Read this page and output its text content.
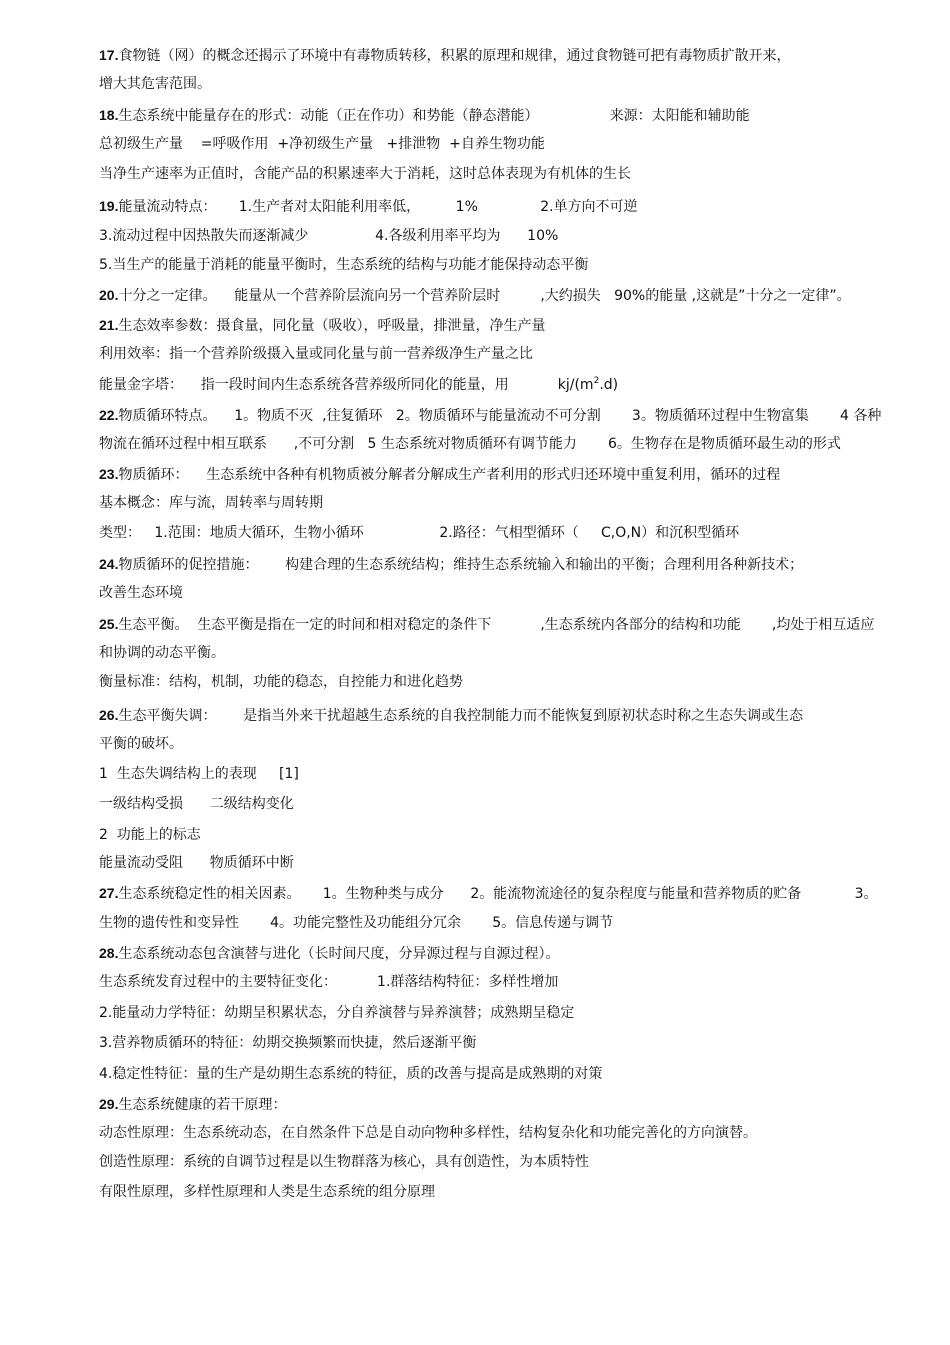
17.食物链（网）的概念还揭示了环境中有毒物质转移，积累的原理和规律，通过食物链可把有毒物质扩散开来，
增大其危害范围。
18.生态系统中能量存在的形式：动能（正在作功）和势能（静态潜能）                来源：太阳能和辅助能
总初级生产量    =呼吸作用  +净初级生产量   +排泄物  +自养生物功能
当净生产速率为正值时，含能产品的积累速率大于消耗，这时总体表现为有机体的生长
19.能量流动特点：     1.生产者对太阳能利用率低，        1%              2.单方向不可逆
3.流动过程中因热散失而逐渐减少               4.各级利用率平均为      10%
5.当生产的能量于消耗的能量平衡时，生态系统的结构与功能才能保持动态平衡
20.十分之一定律。    能量从一个营养阶层流向另一个营养阶层时         ,大约损失   90%的能量 ,这就是”十分之一定律”。
21.生态效率参数：摄食量，同化量（吸收），呼吸量，排泄量，净生产量
利用效率：指一个营养阶级摄入量或同化量与前一营养级净生产量之比
能量金字塔：    指一段时间内生态系统各营养级所同化的能量，用           $kj/(m^2.d)$
22.物质循环特点。    1。物质不灭  ,往复循环   2。物质循环与能量流动不可分割       3。物质循环过程中生物富集       4 各种
物流在循环过程中相互联系      ,不可分割   5 生态系统对物质循环有调节能力       6。生物存在是物质循环最生动的形式
23.物质循环：    生态系统中各种有机物质被分解者分解成生产者利用的形式归还环境中重复利用，循环的过程
基本概念：库与流，周转率与周转期
类型：   1.范围：地质大循环，生物小循环                 2.路径：气相型循环（     C,O,N）和沉积型循环
24.物质循环的促控措施：      构建合理的生态系统结构；维持生态系统输入和输出的平衡；合理利用各种新技术；
改善生态环境
25.生态平衡。  生态平衡是指在一定的时间和相对稳定的条件下           ,生态系统内各部分的结构和功能       ,均处于相互适应
和协调的动态平衡。
衡量标准：结构，机制，功能的稳态，自控能力和进化趋势
26.生态平衡失调：      是指当外来干扰超越生态系统的自我控制能力而不能恢复到原初状态时称之生态失调或生态
平衡的破坏。
1  生态失调结构上的表现     [1]
一级结构受损      二级结构变化
2  功能上的标志
能量流动受阻      物质循环中断
27.生态系统稳定性的相关因素。     1。生物种类与成分      2。能流物流途径的复杂程度与能量和营养物质的贮备            3。
生物的遗传性和变异性       4。功能完整性及功能组分冗余       5。信息传递与调节
28.生态系统动态包含演替与进化（长时间尺度，分异源过程与自源过程）。
生态系统发育过程中的主要特征变化：         1.群落结构特征：多样性增加
2.能量动力学特征：幼期呈积累状态，分自养演替与异养演替；成熟期呈稳定
3.营养物质循环的特征：幼期交换频繁而快捷，然后逐渐平衡
4.稳定性特征：量的生产是幼期生态系统的特征，质的改善与提高是成熟期的对策
29.生态系统健康的若干原理：
动态性原理：生态系统动态，在自然条件下总是自动向物种多样性，结构复杂化和功能完善化的方向演替。
创造性原理：系统的自调节过程是以生物群落为核心，具有创造性，为本质特性
有限性原理，多样性原理和人类是生态系统的组分原理
